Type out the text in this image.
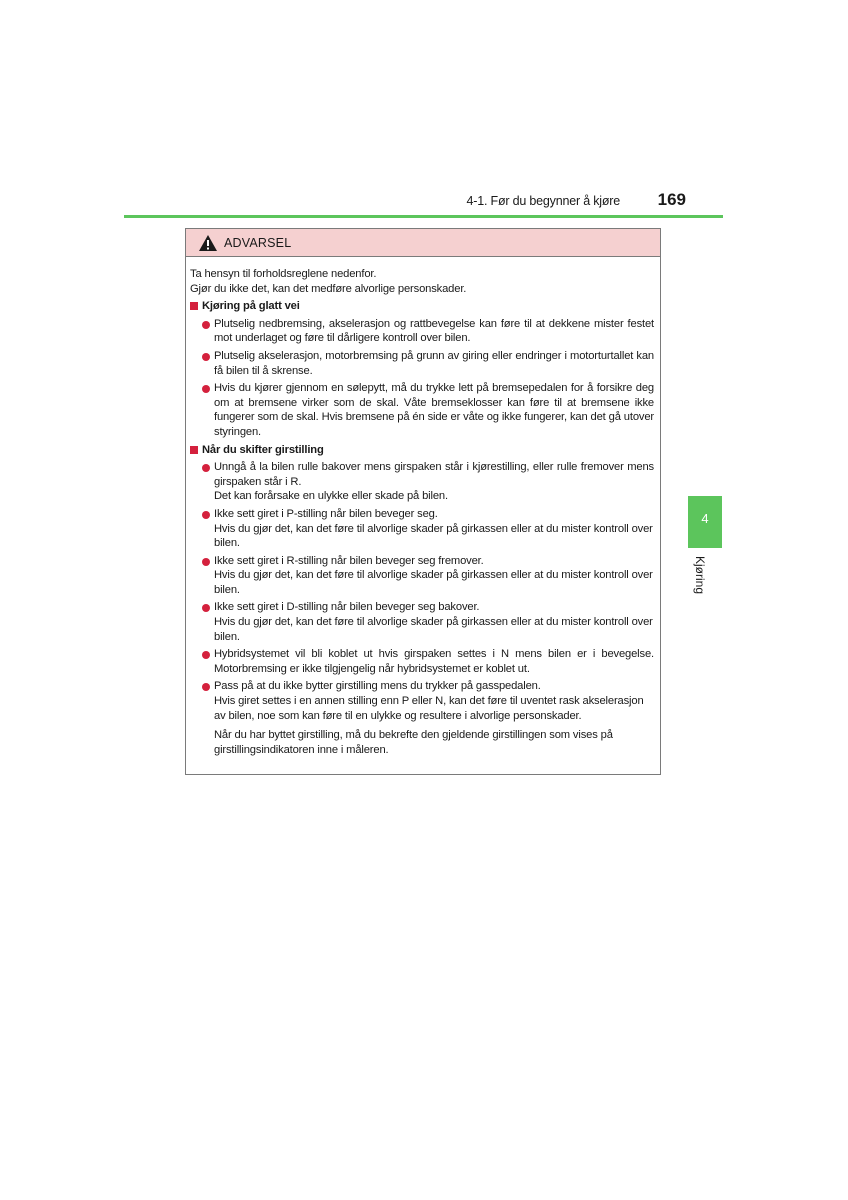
4-1. Før du begynner å kjøre	169
4
Kjøring
ADVARSEL

Ta hensyn til forholdsreglene nedenfor.

Gjør du ikke det, kan det medføre alvorlige personskader.

Kjøring på glatt vei

Plutselig nedbremsing, akselerasjon og rattbevegelse kan føre til at dekkene mister festet mot underlaget og føre til dårligere kontroll over bilen.

Plutselig akselerasjon, motorbremsing på grunn av giring eller endringer i motorturtallet kan få bilen til å skrense.

Hvis du kjører gjennom en sølepytt, må du trykke lett på bremsepedalen for å forsikre deg om at bremsene virker som de skal. Våte bremseklosser kan føre til at bremsene ikke fungerer som de skal. Hvis bremsene på én side er våte og ikke fungerer, kan det gå utover styringen.

Når du skifter girstilling

Unngå å la bilen rulle bakover mens girspaken står i kjørestilling, eller rulle fremover mens girspaken står i R.

Det kan forårsake en ulykke eller skade på bilen.

Ikke sett giret i P-stilling når bilen beveger seg.

Hvis du gjør det, kan det føre til alvorlige skader på girkassen eller at du mister kontroll over bilen.

Ikke sett giret i R-stilling når bilen beveger seg fremover.

Hvis du gjør det, kan det føre til alvorlige skader på girkassen eller at du mister kontroll over bilen.

Ikke sett giret i D-stilling når bilen beveger seg bakover.

Hvis du gjør det, kan det føre til alvorlige skader på girkassen eller at du mister kontroll over bilen.

Hybridsystemet vil bli koblet ut hvis girspaken settes i N mens bilen er i bevegelse. Motorbremsing er ikke tilgjengelig når hybridsystemet er koblet ut.

Pass på at du ikke bytter girstilling mens du trykker på gasspedalen.

Hvis giret settes i en annen stilling enn P eller N, kan det føre til uventet rask akselerasjon av bilen, noe som kan føre til en ulykke og resultere i alvorlige personskader.

Når du har byttet girstilling, må du bekrefte den gjeldende girstillingen som vises på girstillingsindikatoren inne i måleren.
